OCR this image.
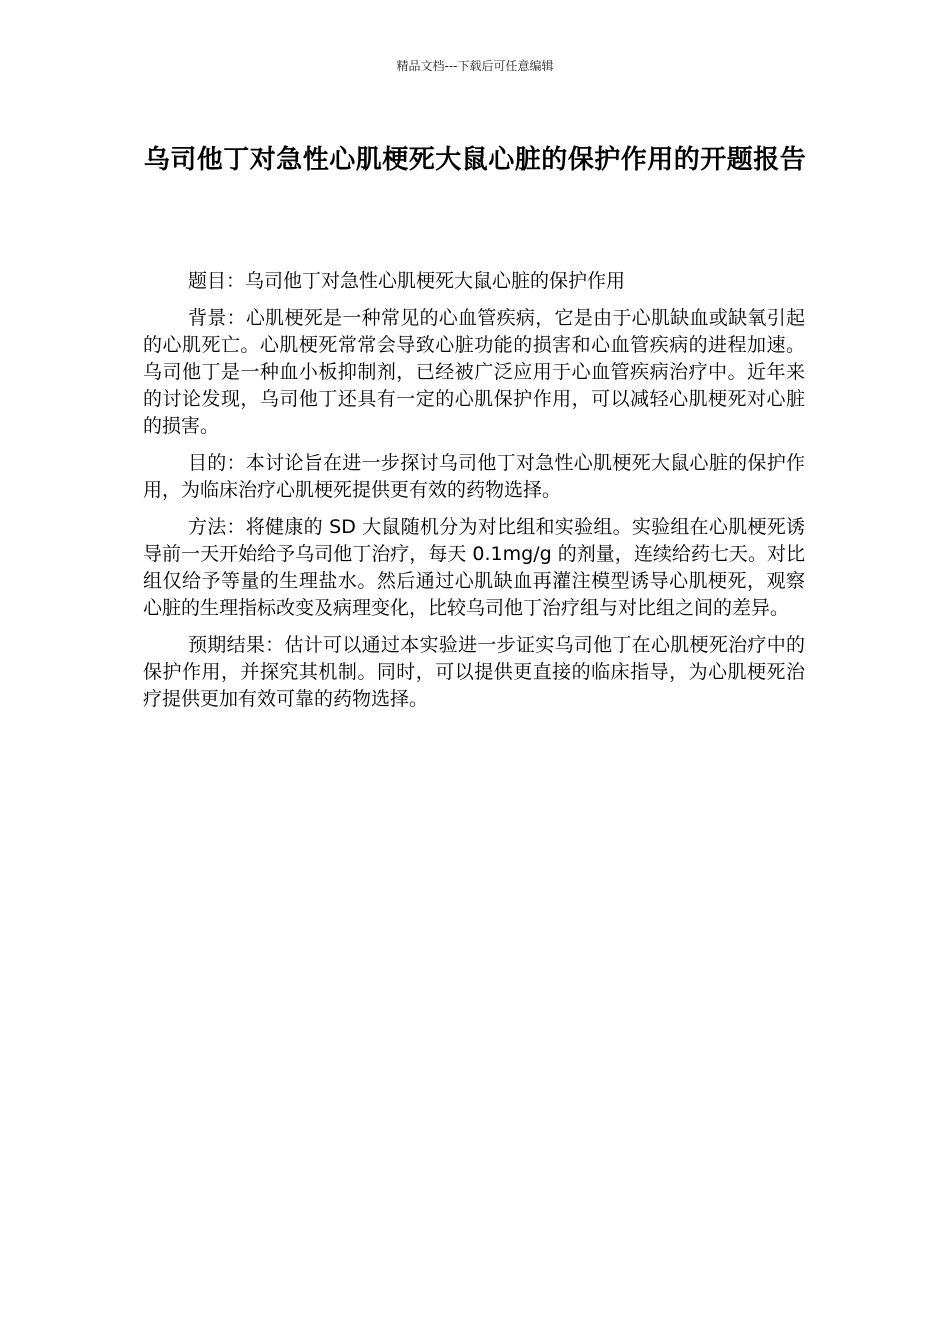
精品文档---下载后可任意编辑
乌司他丁对急性心肌梗死大鼠心脏的保护作用的开题报告

题目：乌司他丁对急性心肌梗死大鼠心脏的保护作用

背景：心肌梗死是一种常见的心血管疾病，它是由于心肌缺血或缺氧引起的心肌死亡。心肌梗死常常会导致心脏功能的损害和心血管疾病的进程加速。乌司他丁是一种血小板抑制剂，已经被广泛应用于心血管疾病治疗中。近年来的讨论发现，乌司他丁还具有一定的心肌保护作用，可以减轻心肌梗死对心脏的损害。

目的：本讨论旨在进一步探讨乌司他丁对急性心肌梗死大鼠心脏的保护作用，为临床治疗心肌梗死提供更有效的药物选择。

方法：将健康的 SD 大鼠随机分为对比组和实验组。实验组在心肌梗死诱导前一天开始给予乌司他丁治疗，每天 0.1mg/g 的剂量，连续给药七天。对比组仅给予等量的生理盐水。然后通过心肌缺血再灌注模型诱导心肌梗死，观察心脏的生理指标改变及病理变化，比较乌司他丁治疗组与对比组之间的差异。

预期结果：估计可以通过本实验进一步证实乌司他丁在心肌梗死治疗中的保护作用，并探究其机制。同时，可以提供更直接的临床指导，为心肌梗死治疗提供更加有效可靠的药物选择。
